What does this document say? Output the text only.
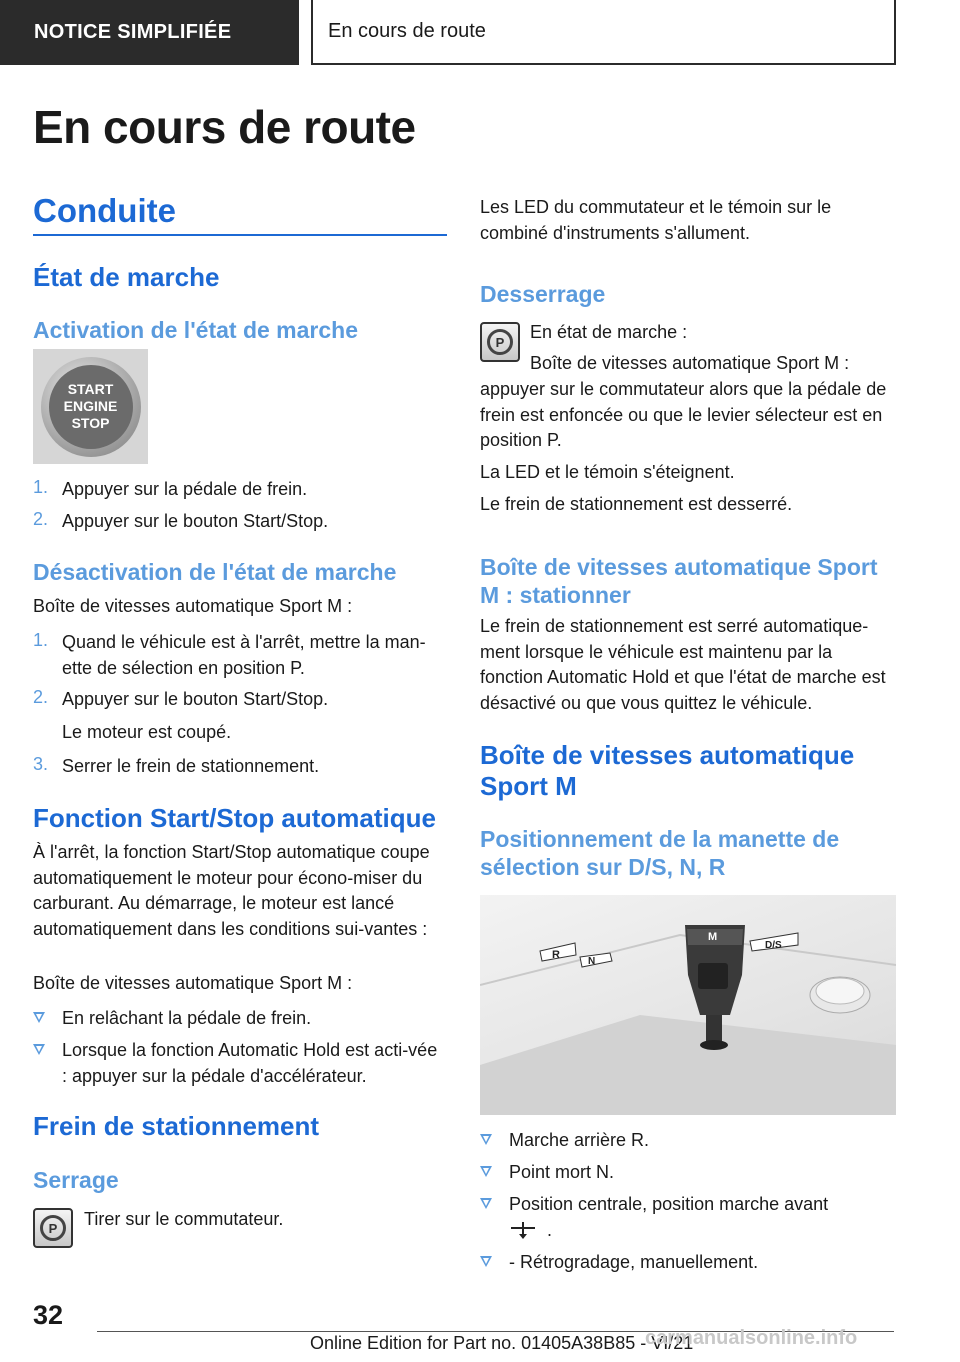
NOTICE SIMPLIFIÉE	En cours de route
En cours de route
Conduite
État de marche
Activation de l'état de marche
START
ENGINE
STOP
1. Appuyer sur la pédale de frein.
2. Appuyer sur le bouton Start/Stop.
Désactivation de l'état de marche
Boîte de vitesses automatique Sport M :
1. Quand le véhicule est à l'arrêt, mettre la man‐ette de sélection en position P.
2. Appuyer sur le bouton Start/Stop.
Le moteur est coupé.
3. Serrer le frein de stationnement.
Fonction Start/Stop automatique
À l'arrêt, la fonction Start/Stop automatique coupe automatiquement le moteur pour écono‐miser du carburant. Au démarrage, le moteur est lancé automatiquement dans les conditions sui‐vantes :
Boîte de vitesses automatique Sport M :
En relâchant la pédale de frein.
Lorsque la fonction Automatic Hold est acti‐vée : appuyer sur la pédale d'accélérateur.
Frein de stationnement
Serrage
P	Tirer sur le commutateur.
Les LED du commutateur et le témoin sur le combiné d'instruments s'allument.
Desserrage
P	En état de marche :
Boîte de vitesses automatique Sport M :
appuyer sur le commutateur alors que la pédale de frein est enfoncée ou que le levier sélecteur est en position P.
La LED et le témoin s'éteignent.
Le frein de stationnement est desserré.
Boîte de vitesses automatique Sport M : stationner
Le frein de stationnement est serré automatique‐ment lorsque le véhicule est maintenu par la fonction Automatic Hold et que l'état de marche est désactivé ou que vous quittez le véhicule.
Boîte de vitesses automatique Sport M
Positionnement de la manette de sélection sur D/S, N, R
N
R
D/S
M
Marche arrière R.
Point mort N.
Position centrale, position marche avant
.
- Rétrogradage, manuellement.
32
Online Edition for Part no. 01405A38B85 - VI/21
carmanualsonline.info
